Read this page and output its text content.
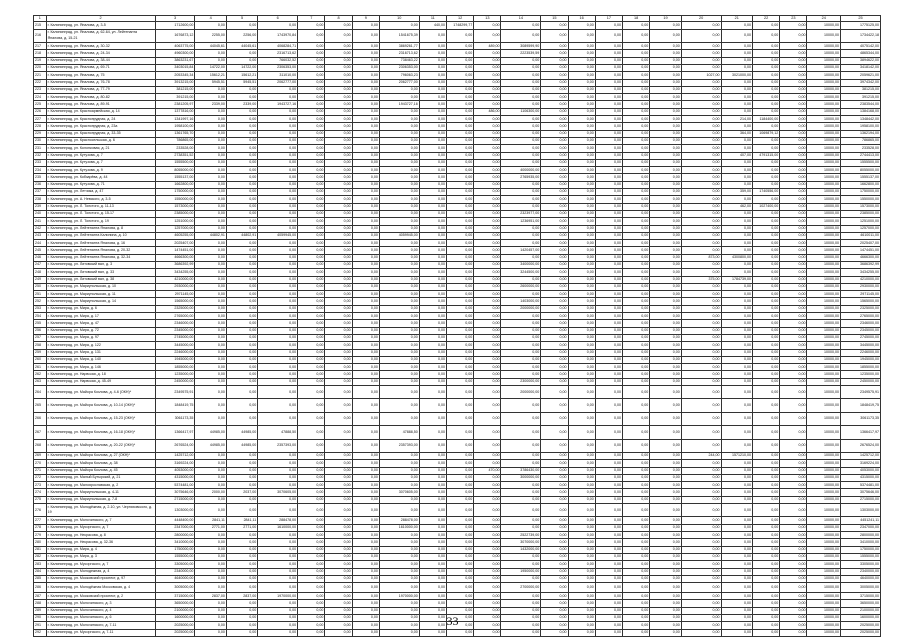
1	2	3	4	5	6	7	8	9	10	11	12	13	14	15	16	17	18	19	20	21	22	23	24	25
215	г. Калининград, ул. Яналова, д. 3-5	1712600,00	0,00	0,00	0,00	0,00	0,00	0,00	0,00	440,00	1748299,77	0,00	0,00	0,00	0,00	0,00	0,00	0,00	0,00	0,00	0,00	0,00	10000,00	1775125,00
216	г. Калининград, ул. Яналова, д. 62-64, ул. Лейтенанта Яналова, д. 15-21	1676873,12	2255,00	2256,00	1743970,84	0,00	0,00	0,00	1541675,39	0,00	0,00	0,00	0,00	0,00	0,00	0,00	0,00	0,00	0,00	0,00	0,00	0,00	10000,00	1734422,18
217	г. Калининград, ул. Яналова, д. 30-32	4063775,00	44045,61	44045,61	4068284,71	0,00	0,00	0,00	3869261,77	0,00	0,00	489,00	3089599,90	0,00	0,00	0,00	0,00	0,00	0,00	0,00	0,00	0,00	10000,00	4075142,00
218	г. Калининград, ул. Яналова, д. 24-34	4960300,00	0,00	0,00	2316713,62	0,00	0,00	0,00	2316713,62	0,00	0,00	0,00	2223539,59	0,00	0,00	0,00	0,00	0,00	0,00	0,00	0,00	0,00	10000,00	4865344,00
219	г. Калининград, ул. Яналова, д. 38-44	3863231,67	0,00	0,00	766032,52	0,00	0,00	0,00	738463,22	0,00	0,00	0,00	0,00	0,00	0,00	0,00	0,00	0,00	0,00	0,00	0,00	0,00	10000,00	3894622,00
220	г. Калининград, ул. Яналова, д. 69-71	3403015,84	14722,00	14722,00	2306353,00	0,00	0,00	0,00	2306353,00	0,00	0,00	0,00	0,00	0,00	0,00	0,00	0,00	0,00	0,00	0,00	0,00	0,00	10000,00	3418142,00
221	г. Калининград, ул. Яналова, д. 75	2053345,34	15612,21	15612,21	311010,00	0,00	0,00	0,00	796063,23	0,00	0,00	0,00	0,00	0,00	0,00	0,00	0,00	0,00	1027,00	3021000,00	0,00	0,00	10000,00	2059621,00
222	г. Калининград, ул. Яналова, д. 76-78	3913215,00	5945,51	5945,51	2062777,00	0,00	0,00	0,00	2062777,00	0,00	0,00	0,00	0,00	0,00	0,00	0,00	0,00	0,00	0,00	0,00	0,00	0,00	10000,00	3974342,00
223	г. Калининград, ул. Яналова, д. 77-79	381215,00	0,00	0,00	0,00	0,00	0,00	0,00	0,00	0,00	0,00	0,00	0,00	0,00	0,00	0,00	0,00	0,00	0,00	0,00	0,00	0,00	10000,00	381215,00
224	г. Калининград, ул. Яналова, д. 80-82	391215,00	0,00	0,00	0,00	0,00	0,00	0,00	0,00	0,00	0,00	0,00	0,00	0,00	0,00	0,00	0,00	0,00	0,00	0,00	0,00	0,00	10000,00	391215,00
225	г. Калининград, ул. Яналова, д. 89-91	2381205,97	2339,00	2339,00	1943727,16	0,00	0,00	0,00	1943727,16	0,00	0,00	0,00	0,00	0,00	0,00	0,00	0,00	0,00	0,00	0,00	0,00	0,00	10000,00	2383544,00
226	г. Калининград, ул. Красноармейская, д. 14	1377816,00	0,00	0,00	0,00	0,00	0,00	0,00	0,00	0,00	0,00	486,00	1106300,00	0,00	0,00	0,00	0,00	0,00	0,00	0,00	0,00	0,00	10000,00	1384168,00
227	г. Калининград, ул. Краснопрудная, д. 24	1341997,16	0,00	0,00	0,00	0,00	0,00	0,00	0,00	0,00	0,00	0,00	0,00	0,00	0,00	0,00	0,00	0,00	0,00	214,00	1184400,00	0,00	10000,00	1348442,00
228	г. Калининград, ул. Краснопрудная, д. 23а	1958100,00	0,00	0,00	0,00	0,00	0,00	0,00	0,00	0,00	0,00	0,00	0,00	0,00	0,00	0,00	0,00	0,00	0,00	0,00	0,00	0,00	10000,00	1958100,00
229	г. Калининград, ул. Краснопрудная, д. 33-35	1361765,70	0,00	0,00	0,00	0,00	0,00	0,00	0,00	0,00	0,00	0,00	0,00	0,00	0,00	0,00	0,00	0,00	0,00	364,00	1069879,12	0,00	10000,00	1362194,00
230	г. Калининград, ул. Красносельская, д. 6	786865,00	0,00	0,00	0,00	0,00	0,00	0,00	0,00	0,00	0,00	0,00	0,00	0,00	0,00	0,00	0,00	0,00	0,00	0,00	0,00	0,00	10000,00	786865,00
231	г. Калининград, ул. Колонковая, д. 21	233528,00	0,00	0,00	0,00	0,00	0,00	0,00	0,00	0,00	0,00	0,00	0,00	0,00	0,00	0,00	0,00	0,00	0,00	0,00	0,00	0,00	10000,00	233528,00
232	г. Калининград, ул. Кутузова, д. 7	2738351,52	0,00	0,00	0,00	0,00	0,00	0,00	0,00	0,00	0,00	0,00	0,00	0,00	0,00	0,00	0,00	0,00	0,00	407,00	4791315,00	0,00	10000,00	2744413,00
233	г. Калининград, ул. Кутузова, д. 7	1555500,00	0,00	0,00	0,00	0,00	0,00	0,00	0,00	0,00	0,00	0,00	0,00	0,00	0,00	0,00	0,00	0,00	0,00	0,00	0,00	0,00	10000,00	1555500,00
234	г. Калининград, ул. Кутузова, д. 9	8055000,00	0,00	0,00	0,00	0,00	0,00	0,00	0,00	0,00	0,00	0,00	4000000,00	0,00	0,00	0,00	0,00	0,00	0,00	0,00	0,00	0,00	10000,00	8055000,00
235	г. Калининград, ул. Кобзарёва, д. 44	1555137,00	0,00	0,00	0,00	0,00	0,00	0,00	0,00	0,00	0,00	0,00	2765935,00	0,00	0,00	0,00	0,00	0,00	0,00	0,00	0,00	0,00	10000,00	1555137,00
236	г. Калининград, ул. Кутузова, д. 71	1662800,00	0,00	0,00	0,00	0,00	0,00	0,00	0,00	0,00	0,00	0,00	0,00	0,00	0,00	0,00	0,00	0,00	0,00	0,00	0,00	0,00	10000,00	1662800,00
237	г. Калининград, ул. Летчика, д. 47	1750000,00	0,00	0,00	0,00	0,00	0,00	0,00	0,00	0,00	0,00	0,00	0,00	0,00	0,00	0,00	0,00	0,00	0,00	359,00	1740556,00	0,00	10000,00	1750000,00
238	г. Калининград, ул. А. Невского, д. 3-5	1550000,00	0,00	0,00	0,00	0,00	0,00	0,00	0,00	0,00	0,00	0,00	0,00	0,00	0,00	0,00	0,00	0,00	0,00	0,00	0,00	0,00	10000,00	1550000,00
239	г. Калининград, ул. Л. Толстого, д. 11-13	1573000,00	0,00	0,00	0,00	0,00	0,00	0,00	0,00	0,00	0,00	0,00	0,00	0,00	0,00	0,00	0,00	0,00	0,00	462,00	1027400,00	0,00	10000,00	1573000,00
240	г. Калининград, ул. Л. Толстого, д. 15-17	2385000,00	0,00	0,00	0,00	0,00	0,00	0,00	0,00	0,00	0,00	0,00	2323977,00	0,00	0,00	0,00	0,00	0,00	0,00	0,00	0,00	0,00	10000,00	2385000,00
241	г. Калининград, ул. Л. Толстого, д. 19	1251000,00	0,00	0,00	0,00	0,00	0,00	0,00	0,00	0,00	0,00	0,00	1236951,00	0,00	0,00	0,00	0,00	0,00	0,00	0,00	0,00	0,00	10000,00	1251000,00
242	г. Калининград, ул. Лейтенанта Яналова, д. 8	1257000,00	0,00	0,00	0,00	0,00	0,00	0,00	0,00	0,00	0,00	0,00	0,00	0,00	0,00	0,00	0,00	0,00	0,00	0,00	0,00	0,00	10000,00	1257000,00
243	г. Калининград, ул. Лейтенанта Калинина, д. 10	4605255,00	44802,91	44802,91	4059945,00	0,00	0,00	0,00	4059945,00	0,00	0,00	0,00	0,00	0,00	0,00	0,00	0,00	0,00	0,00	0,00	0,00	0,00	10000,00	4610011,00
244	г. Калининград, ул. Лейтенанта Яналова, д. 16	2025407,00	0,00	0,00	0,00	0,00	0,00	0,00	0,00	0,00	0,00	0,00	0,00	0,00	0,00	0,00	0,00	0,00	0,00	0,00	0,00	0,00	10000,00	2025407,00
245	г. Калининград, ул. Лейтенанта Яналова, д. 20-32	1474451,00	0,00	0,00	0,00	0,00	0,00	0,00	0,00	0,00	0,00	0,00	1420457,00	0,00	0,00	0,00	0,00	0,00	0,00	0,00	0,00	0,00	10000,00	1474451,00
246	г. Калининград, ул. Лейтенанта Яналова, д. 32-34	4666300,00	0,00	0,00	0,00	0,00	0,00	0,00	0,00	0,00	0,00	0,00	0,00	0,00	0,00	0,00	0,00	0,00	873,00	4300800,00	0,00	0,00	10000,00	4666300,00
247	г. Калининград, ул. Литовский вал, д. 3	3686392,99	0,00	0,00	0,00	0,00	0,00	0,00	0,00	0,00	0,00	0,00	3400000,00	0,00	0,00	0,00	0,00	0,00	0,00	0,00	0,00	0,00	10000,00	3686392,99
248	г. Калининград, ул. Литовский вал, д. 33	3434255,00	0,00	0,00	0,00	0,00	0,00	0,00	0,00	0,00	0,00	0,00	3244500,00	0,00	0,00	0,00	0,00	0,00	0,00	0,00	0,00	0,00	10000,00	3434255,00
249	г. Калининград, ул. Литовский вал, д. 38	4210000,00	0,00	0,00	0,00	0,00	0,00	0,00	0,00	0,00	0,00	0,00	0,00	0,00	0,00	0,00	0,00	0,00	375,00	1784739,00	0,00	0,00	10000,00	4210000,00
250	г. Калининград, ул. Мариупольская, д. 10	2930000,00	0,00	0,00	0,00	0,00	0,00	0,00	0,00	0,00	0,00	0,00	2600000,00	0,00	0,00	0,00	0,00	0,00	0,00	0,00	0,00	0,00	10000,00	2930000,00
251	г. Калининград, ул. Мариупольская, д. 11	2971145,00	0,00	0,00	0,00	0,00	0,00	0,00	0,00	0,00	0,00	0,00	0,00	0,00	0,00	0,00	0,00	0,00	0,00	0,00	0,00	0,00	10000,00	2971145,00
252	г. Калининград, ул. Мариупольская, д. 14	1565000,00	0,00	0,00	0,00	0,00	0,00	0,00	0,00	0,00	0,00	0,00	1403000,00	0,00	0,00	0,00	0,00	0,00	0,00	0,00	0,00	0,00	10000,00	1565000,00
253	г. Калининград, ул. Мира, д. 6	2325000,00	0,00	0,00	0,00	0,00	0,00	0,00	0,00	0,00	0,00	0,00	2000000,00	0,00	0,00	0,00	0,00	0,00	0,00	0,00	0,00	0,00	10000,00	2325000,00
254	г. Калининград, ул. Мира, д. 17	2765000,00	0,00	0,00	0,00	0,00	0,00	0,00	0,00	0,00	0,00	0,00	0,00	0,00	0,00	0,00	0,00	0,00	0,00	0,00	0,00	0,00	10000,00	2765000,00
255	г. Калининград, ул. Мира, д. 47	2346000,00	0,00	0,00	0,00	0,00	0,00	0,00	0,00	0,00	0,00	0,00	0,00	0,00	0,00	0,00	0,00	0,00	0,00	0,00	0,00	0,00	10000,00	2346000,00
256	г. Калининград, ул. Мира, д. 72	2345000,00	0,00	0,00	0,00	0,00	0,00	0,00	0,00	0,00	0,00	0,00	0,00	0,00	0,00	0,00	0,00	0,00	0,00	0,00	0,00	0,00	10000,00	2345000,00
257	г. Калининград, ул. Мира, д. 97	2745000,00	0,00	0,00	0,00	0,00	0,00	0,00	0,00	0,00	0,00	0,00	0,00	0,00	0,00	0,00	0,00	0,00	0,00	0,00	0,00	0,00	10000,00	2745000,00
258	г. Калининград, ул. Мира, д. 122	3445000,00	0,00	0,00	0,00	0,00	0,00	0,00	0,00	0,00	0,00	0,00	0,00	0,00	0,00	0,00	0,00	0,00	0,00	0,00	0,00	0,00	10000,00	3445000,00
259	г. Калининград, ул. Мира, д. 131	2246000,00	0,00	0,00	0,00	0,00	0,00	0,00	0,00	0,00	0,00	0,00	0,00	0,00	0,00	0,00	0,00	0,00	0,00	0,00	0,00	0,00	10000,00	2246000,00
260	г. Калининград, ул. Мира, д. 140	1945000,00	0,00	0,00	0,00	0,00	0,00	0,00	0,00	0,00	0,00	0,00	0,00	0,00	0,00	0,00	0,00	0,00	0,00	0,00	0,00	0,00	10000,00	1945000,00
261	г. Калининград, ул. Мира, д. 146	1855000,00	0,00	0,00	0,00	0,00	0,00	0,00	0,00	0,00	0,00	0,00	0,00	0,00	0,00	0,00	0,00	0,00	0,00	0,00	0,00	0,00	10000,00	1855000,00
262	г. Калининград, ул. Нарвская, д. 18	1235000,00	0,00	0,00	0,00	0,00	0,00	0,00	0,00	0,00	0,00	0,00	0,00	0,00	0,00	0,00	0,00	0,00	0,00	0,00	0,00	0,00	10000,00	1235000,00
263	г. Калининград, ул. Нарвская, д. 45-49	2450000,00	0,00	0,00	0,00	0,00	0,00	0,00	0,00	0,00	0,00	0,00	2300000,00	0,00	0,00	0,00	0,00	0,00	0,00	0,00	0,00	0,00	10000,00	2450000,00
264	г. Калининград, ул. Майора Козлова, д. 4-6 (ОКН)*	2349575,91	0,00	0,00	0,00	0,00	0,00	0,00	0,00	0,00	0,00	0,00	2000000,00	0,00	0,00	0,00	0,00	0,00	0,00	0,00	0,00	0,00	10000,00	2349575,91
265	г. Калининград, ул. Майора Козлова, д. 10-14 (ОКН)*	1848419,75	0,00	0,00	0,00	0,00	0,00	0,00	0,00	0,00	0,00	0,00	0,00	0,00	0,00	0,00	0,00	0,00	0,00	0,00	0,00	0,00	10000,00	1848419,75
266	г. Калининград, ул. Майора Козлова, д. 15-23 (ОКН)*	3061173,35	0,00	0,00	0,00	0,00	0,00	0,00	0,00	0,00	0,00	0,00	0,00	0,00	0,00	0,00	0,00	0,00	0,00	0,00	0,00	0,00	10000,00	3061173,35
267	г. Калининград, ул. Майора Козлова, д. 16-18 (ОКН)*	1366417,97	44985,00	44985,00	47888,50	0,00	0,00	0,00	47888,50	0,00	0,00	0,00	0,00	0,00	0,00	0,00	0,00	0,00	0,00	0,00	0,00	0,00	10000,00	1366417,97
268	г. Калининград, ул. Майора Козлова, д. 20-22 (ОКН)*	2676524,00	44985,00	44985,00	2357393,00	0,00	0,00	0,00	2357393,00	0,00	0,00	0,00	0,00	0,00	0,00	0,00	0,00	0,00	0,00	0,00	0,00	0,00	10000,00	2676524,00
269	г. Калининград, ул. Майора Козлова, д. 27 (ОКН)*	1425712,00	0,00	0,00	0,00	0,00	0,00	0,00	0,00	0,00	0,00	0,00	0,00	0,00	0,00	0,00	0,00	0,00	244,00	1571210,00	0,00	0,00	10000,00	1425712,00
270	г. Калининград, ул. Майора Козлова, д. 38	3169224,00	0,00	0,00	0,00	0,00	0,00	0,00	0,00	0,00	0,00	0,00	0,00	0,00	0,00	0,00	0,00	0,00	0,00	0,00	0,00	0,00	10000,00	3169224,00
271	г. Калининград, ул. Майора Козлова, д. 45	4053000,00	0,00	0,00	0,00	0,00	0,00	0,00	0,00	0,00	0,00	470,00	3786430,00	0,00	0,00	0,00	0,00	0,00	0,00	0,00	0,00	0,00	10000,00	4053000,00
272	г. Калининград, ул. Малый Бутырский, д. 21	4315000,00	0,00	0,00	0,00	0,00	0,00	0,00	0,00	0,00	0,00	0,00	3000000,00	0,00	0,00	0,00	0,00	0,00	0,00	0,00	0,00	0,00	10000,00	4315000,00
273	г. Калининград, ул. Малоярославская, д. 2	5374481,00	0,00	0,00	0,00	0,00	0,00	0,00	0,00	0,00	0,00	0,00	0,00	0,00	0,00	0,00	0,00	0,00	0,00	0,00	0,00	0,00	10000,00	5374481,00
274	г. Калининград, ул. Мариупольская, д. 4-11	3075646,00	2000,00	2037,00	3070605,00	0,00	0,00	0,00	3070605,00	0,00	0,00	0,00	0,00	0,00	0,00	0,00	0,00	0,00	0,00	0,00	0,00	0,00	10000,00	3075646,00
275	г. Калининград, ул. Мариупольская, д. 7-8	2715000,00	0,00	0,00	0,00	0,00	0,00	0,00	0,00	0,00	0,00	0,00	0,00	0,00	0,00	0,00	0,00	0,00	0,00	0,00	0,00	0,00	10000,00	2715000,00
276	г. Калининград, ул. Молодёжная, д. 2-10, ул. Черняховского, д. 19	1303000,00	0,00	0,00	0,00	0,00	0,00	0,00	0,00	0,00	0,00	0,00	0,00	0,00	0,00	0,00	0,00	0,00	0,00	0,00	0,00	0,00	10000,00	1303000,00
277	г. Калининград, ул. Молочинского, д. 7	4448400,00	2841,11	2841,11	288478,00	0,00	0,00	0,00	288478,00	0,00	0,00	0,00	0,00	0,00	0,00	0,00	0,00	0,00	0,00	0,00	0,00	0,00	10000,00	4451241,11
278	г. Калининград, ул. Мусоргского, д. 7	2347000,00	2771,00	2771,00	1610000,00	0,00	0,00	0,00	1610000,00	0,00	0,00	0,00	0,00	0,00	0,00	0,00	0,00	0,00	0,00	0,00	0,00	0,00	10000,00	2347000,00
279	г. Калининград, ул. Некрасова, д. 8	2800000,00	0,00	0,00	0,00	0,00	0,00	0,00	0,00	0,00	0,00	0,00	2522739,00	0,00	0,00	0,00	0,00	0,00	0,00	0,00	0,00	0,00	10000,00	2800000,00
280	г. Калининград, ул. Некрасова, д. 32-36	3410000,00	0,00	0,00	0,00	0,00	0,00	0,00	0,00	0,00	0,00	0,00	3070000,00	0,00	0,00	0,00	0,00	0,00	0,00	0,00	0,00	0,00	10000,00	3410000,00
281	г. Калининград, ул. Мира, д. 4	1750000,00	0,00	0,00	0,00	0,00	0,00	0,00	0,00	0,00	0,00	0,00	1432000,00	0,00	0,00	0,00	0,00	0,00	0,00	0,00	0,00	0,00	10000,00	1750000,00
282	г. Калининград, ул. Мира, д. 3	1555000,00	0,00	0,00	0,00	0,00	0,00	0,00	0,00	0,00	0,00	0,00	0,00	0,00	0,00	0,00	0,00	0,00	0,00	0,00	0,00	0,00	10000,00	1555000,00
283	г. Калининград, ул. Мусоргского, д. 7	3305000,00	0,00	0,00	0,00	0,00	0,00	0,00	0,00	0,00	0,00	0,00	0,00	0,00	0,00	0,00	0,00	0,00	0,00	0,00	0,00	0,00	10000,00	3305000,00
284	г. Калининград, ул. Молодежная, д. 4	2340000,00	0,00	0,00	0,00	0,00	0,00	0,00	0,00	0,00	0,00	0,00	1950000,00	0,00	0,00	0,00	0,00	0,00	0,00	0,00	0,00	0,00	10000,00	2340000,00
285	г. Калининград, ул. Московский проспект, д. 97	4640000,00	0,00	0,00	0,00	0,00	0,00	0,00	0,00	0,00	0,00	0,00	0,00	0,00	0,00	0,00	0,00	0,00	0,00	0,00	0,00	0,00	10000,00	4640000,00
286	г. Калининград, ул. Молодёжная Московская, д. 4	3005000,00	0,00	0,00	0,00	0,00	0,00	0,00	0,00	0,00	0,00	0,00	2700000,00	0,00	0,00	0,00	0,00	0,00	0,00	0,00	0,00	0,00	10000,00	3005000,00
287	г. Калининград, ул. Московский проспект, д. 2	3715000,00	2837,00	2837,00	1970000,00	0,00	0,00	0,00	1970000,00	0,00	0,00	0,00	0,00	0,00	0,00	0,00	0,00	0,00	0,00	0,00	0,00	0,00	10000,00	3715000,00
288	г. Калининград, ул. Молочинского, д. 3	3650000,00	0,00	0,00	0,00	0,00	0,00	0,00	0,00	0,00	0,00	0,00	0,00	0,00	0,00	0,00	0,00	0,00	0,00	0,00	0,00	0,00	10000,00	3650000,00
289	г. Калининград, ул. Молочинского, д. 4	2100000,00	0,00	0,00	0,00	0,00	0,00	0,00	0,00	0,00	0,00	0,00	0,00	0,00	0,00	0,00	0,00	0,00	0,00	0,00	0,00	0,00	10000,00	2100000,00
290	г. Калининград, ул. Молочинского, д. 6	1600000,00	0,00	0,00	0,00	0,00	0,00	0,00	0,00	0,00	0,00	0,00	0,00	0,00	0,00	0,00	0,00	0,00	0,00	0,00	0,00	0,00	10000,00	1600000,00
291	г. Калининград, ул. Молочинского, д. 7-11	2025000,00	0,00	0,00	0,00	0,00	0,00	0,00	0,00	0,00	0,00	0,00	0,00	0,00	0,00	0,00	0,00	0,00	0,00	0,00	0,00	0,00	10000,00	2025000,00
292	г. Калининград, ул. Мусоргского, д. 7-11	2025000,00	0,00	0,00	0,00	0,00	0,00	0,00	0,00	0,00	0,00	0,00	0,00	0,00	0,00	0,00	0,00	0,00	0,00	0,00	0,00	0,00	10000,00	2025000,00
33
